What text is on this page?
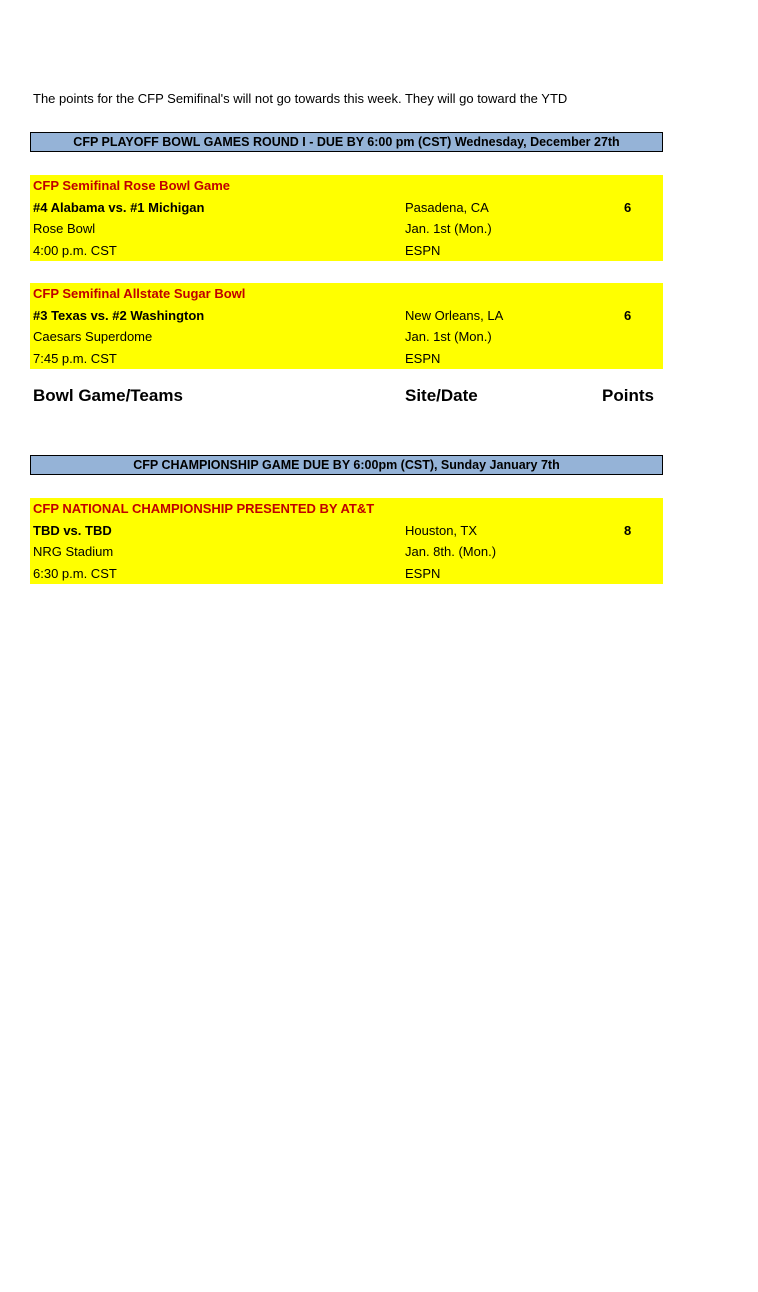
The points for the CFP Semifinal's will not go towards this week. They will go toward the YTD
CFP PLAYOFF BOWL GAMES ROUND I - DUE BY 6:00 pm (CST) Wednesday, December 27th
CFP Semifinal Rose Bowl Game
#4 Alabama vs. #1 Michigan	Pasadena, CA	6
Rose Bowl	Jan. 1st (Mon.)
4:00 p.m. CST	ESPN
CFP Semifinal Allstate Sugar Bowl
#3 Texas vs. #2 Washington	New Orleans, LA	6
Caesars Superdome	Jan. 1st (Mon.)
7:45 p.m. CST	ESPN
Bowl Game/Teams	Site/Date	Points
CFP CHAMPIONSHIP GAME DUE BY 6:00pm (CST), Sunday January 7th
CFP NATIONAL CHAMPIONSHIP PRESENTED BY AT&T
TBD vs. TBD	Houston, TX	8
NRG Stadium	Jan. 8th. (Mon.)
6:30 p.m. CST	ESPN
